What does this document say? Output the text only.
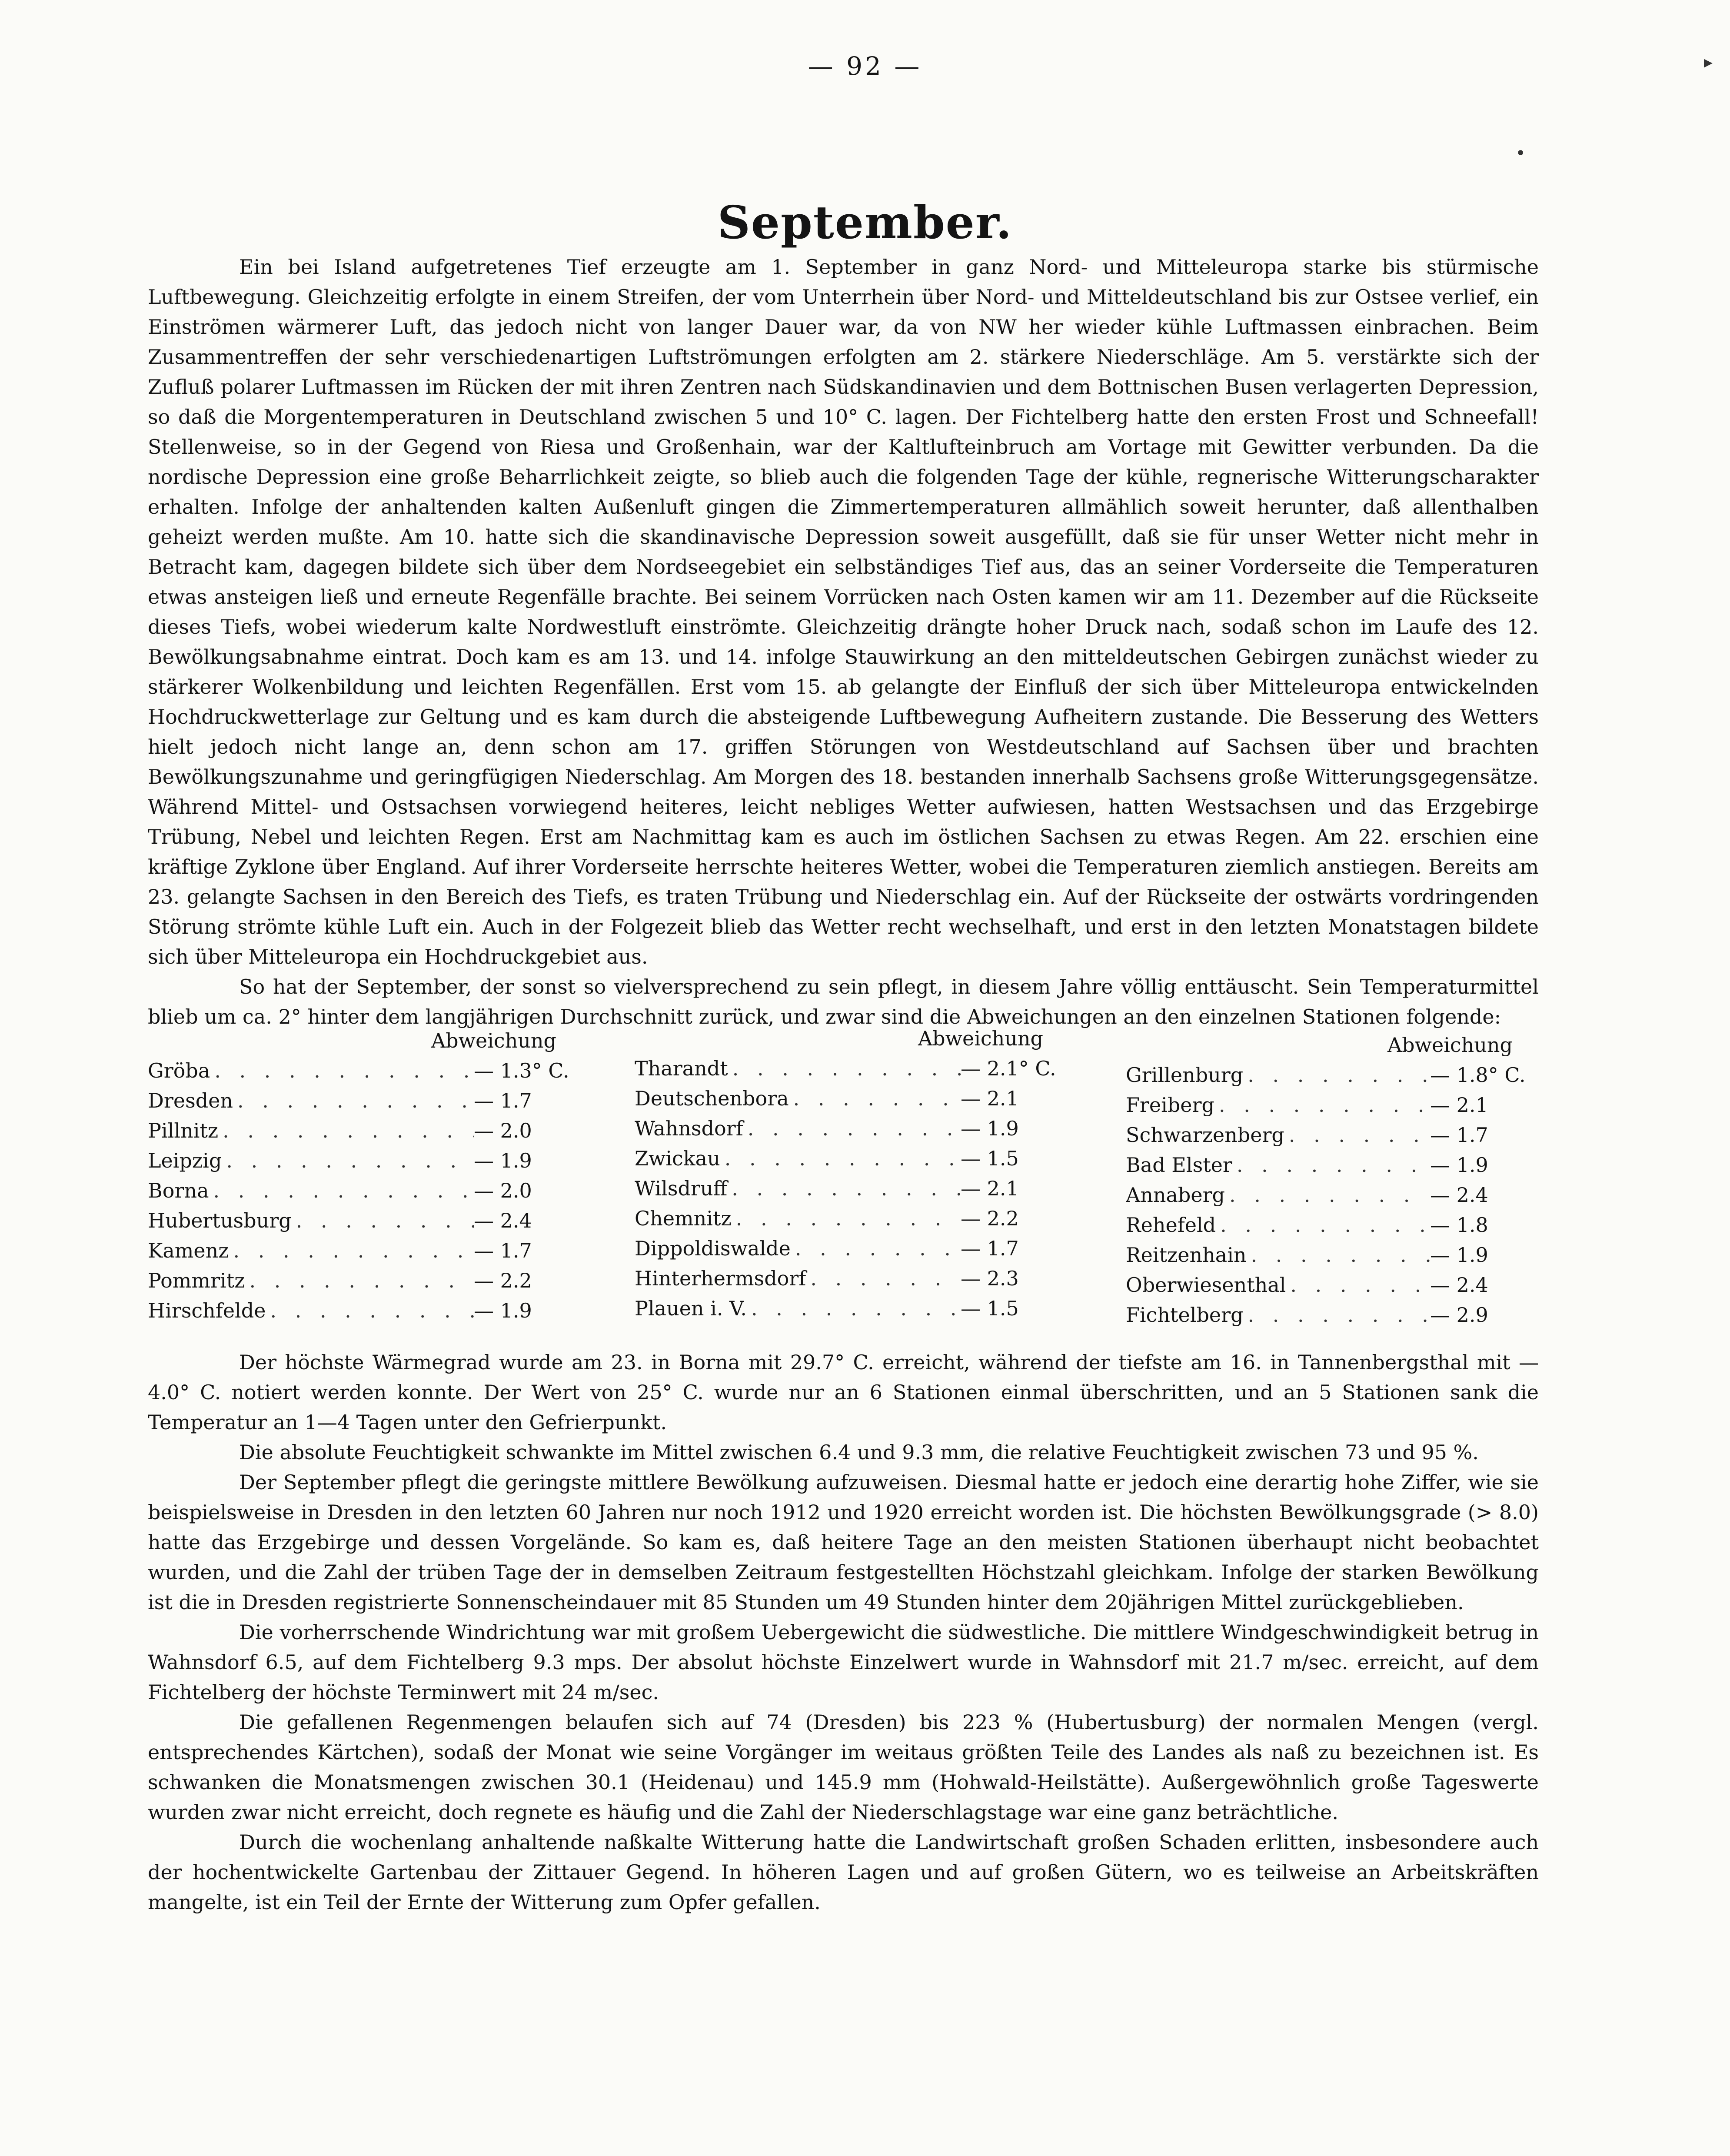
— 92 —
September.

Ein bei Island aufgetretenes Tief erzeugte am 1. September in ganz Nord- und Mitteleuropa starke bis stürmische Luftbewegung. Gleichzeitig erfolgte in einem Streifen, der vom Unterrhein über Nord- und Mitteldeutschland bis zur Ostsee verlief, ein Einströmen wärmerer Luft, das jedoch nicht von langer Dauer war, da von NW her wieder kühle Luftmassen einbrachen. Beim Zusammentreffen der sehr verschiedenartigen Luftströmungen erfolgten am 2. stärkere Niederschläge. Am 5. verstärkte sich der Zufluß polarer Luftmassen im Rücken der mit ihren Zentren nach Südskandinavien und dem Bottnischen Busen verlagerten Depression, so daß die Morgentemperaturen in Deutschland zwischen 5 und 10° C. lagen. Der Fichtelberg hatte den ersten Frost und Schneefall! Stellenweise, so in der Gegend von Riesa und Großenhain, war der Kaltlufteinbruch am Vortage mit Gewitter verbunden. Da die nordische Depression eine große Beharrlichkeit zeigte, so blieb auch die folgenden Tage der kühle, regnerische Witterungscharakter erhalten. Infolge der anhaltenden kalten Außenluft gingen die Zimmertemperaturen allmählich soweit herunter, daß allenthalben geheizt werden mußte. Am 10. hatte sich die skandinavische Depression soweit ausgefüllt, daß sie für unser Wetter nicht mehr in Betracht kam, dagegen bildete sich über dem Nordseegebiet ein selbständiges Tief aus, das an seiner Vorderseite die Temperaturen etwas ansteigen ließ und erneute Regenfälle brachte. Bei seinem Vorrücken nach Osten kamen wir am 11. Dezember auf die Rückseite dieses Tiefs, wobei wiederum kalte Nordwestluft einströmte. Gleichzeitig drängte hoher Druck nach, sodaß schon im Laufe des 12. Bewölkungsabnahme eintrat. Doch kam es am 13. und 14. infolge Stauwirkung an den mitteldeutschen Gebirgen zunächst wieder zu stärkerer Wolkenbildung und leichten Regenfällen. Erst vom 15. ab gelangte der Einfluß der sich über Mitteleuropa entwickelnden Hochdruckwetterlage zur Geltung und es kam durch die absteigende Luftbewegung Aufheitern zustande. Die Besserung des Wetters hielt jedoch nicht lange an, denn schon am 17. griffen Störungen von Westdeutschland auf Sachsen über und brachten Bewölkungszunahme und geringfügigen Niederschlag. Am Morgen des 18. bestanden innerhalb Sachsens große Witterungsgegensätze. Während Mittel- und Ostsachsen vorwiegend heiteres, leicht nebliges Wetter aufwiesen, hatten Westsachsen und das Erzgebirge Trübung, Nebel und leichten Regen. Erst am Nachmittag kam es auch im östlichen Sachsen zu etwas Regen. Am 22. erschien eine kräftige Zyklone über England. Auf ihrer Vorderseite herrschte heiteres Wetter, wobei die Temperaturen ziemlich anstiegen. Bereits am 23. gelangte Sachsen in den Bereich des Tiefs, es traten Trübung und Niederschlag ein. Auf der Rückseite der ostwärts vordringenden Störung strömte kühle Luft ein. Auch in der Folgezeit blieb das Wetter recht wechselhaft, und erst in den letzten Monatstagen bildete sich über Mitteleuropa ein Hochdruckgebiet aus.

So hat der September, der sonst so vielversprechend zu sein pflegt, in diesem Jahre völlig enttäuscht. Sein Temperaturmittel blieb um ca. 2° hinter dem langjährigen Durchschnitt zurück, und zwar sind die Abweichungen an den einzelnen Stationen folgende:

Abweichung
Gröba . . .	— 1.3° C.
Dresden . . .	— 1.7
Pillnitz . . .	— 2.0
Leipzig . . .	— 1.9
Borna . . .	— 2.0
Hubertusburg . . .	— 2.4
Kamenz . . .	— 1.7
Pommritz . . .	— 2.2
Hirschfelde . . .	— 1.9
Abweichung
Tharandt . . .	— 2.1° C.
Deutschenbora . . .	— 2.1
Wahnsdorf . . .	— 1.9
Zwickau . . .	— 1.5
Wilsdruff . . .	— 2.1
Chemnitz . . .	— 2.2
Dippoldiswalde . . .	— 1.7
Hinterhermsdorf . . .	— 2.3
Plauen i. V. . . .	— 1.5
Abweichung
Grillenburg . . .	— 1.8° C.
Freiberg . . .	— 2.1
Schwarzenberg . . .	— 1.7
Bad Elster . . .	— 1.9
Annaberg . . .	— 2.4
Rehefeld . . .	— 1.8
Reitzenhain . . .	— 1.9
Oberwiesenthal . . .	— 2.4
Fichtelberg . . .	— 2.9

Der höchste Wärmegrad wurde am 23. in Borna mit 29.7° C. erreicht, während der tiefste am 16. in Tannenbergsthal mit — 4.0° C. notiert werden konnte. Der Wert von 25° C. wurde nur an 6 Stationen einmal überschritten, und an 5 Stationen sank die Temperatur an 1—4 Tagen unter den Gefrierpunkt.

Die absolute Feuchtigkeit schwankte im Mittel zwischen 6.4 und 9.3 mm, die relative Feuchtigkeit zwischen 73 und 95 %.

Der September pflegt die geringste mittlere Bewölkung aufzuweisen. Diesmal hatte er jedoch eine derartig hohe Ziffer, wie sie beispielsweise in Dresden in den letzten 60 Jahren nur noch 1912 und 1920 erreicht worden ist. Die höchsten Bewölkungsgrade (> 8.0) hatte das Erzgebirge und dessen Vorgelände. So kam es, daß heitere Tage an den meisten Stationen überhaupt nicht beobachtet wurden, und die Zahl der trüben Tage der in demselben Zeitraum festgestellten Höchstzahl gleichkam. Infolge der starken Bewölkung ist die in Dresden registrierte Sonnenscheindauer mit 85 Stunden um 49 Stunden hinter dem 20jährigen Mittel zurückgeblieben.

Die vorherrschende Windrichtung war mit großem Uebergewicht die südwestliche. Die mittlere Windgeschwindigkeit betrug in Wahnsdorf 6.5, auf dem Fichtelberg 9.3 mps. Der absolut höchste Einzelwert wurde in Wahnsdorf mit 21.7 m/sec. erreicht, auf dem Fichtelberg der höchste Terminwert mit 24 m/sec.

Die gefallenen Regenmengen belaufen sich auf 74 (Dresden) bis 223 % (Hubertusburg) der normalen Mengen (vergl. entsprechendes Kärtchen), sodaß der Monat wie seine Vorgänger im weitaus größten Teile des Landes als naß zu bezeichnen ist. Es schwanken die Monatsmengen zwischen 30.1 (Heidenau) und 145.9 mm (Hohwald-Heilstätte). Außergewöhnlich große Tageswerte wurden zwar nicht erreicht, doch regnete es häufig und die Zahl der Niederschlagstage war eine ganz beträchtliche.

Durch die wochenlang anhaltende naßkalte Witterung hatte die Landwirtschaft großen Schaden erlitten, insbesondere auch der hochentwickelte Gartenbau der Zittauer Gegend. In höheren Lagen und auf großen Gütern, wo es teilweise an Arbeitskräften mangelte, ist ein Teil der Ernte der Witterung zum Opfer gefallen.

▸
•
